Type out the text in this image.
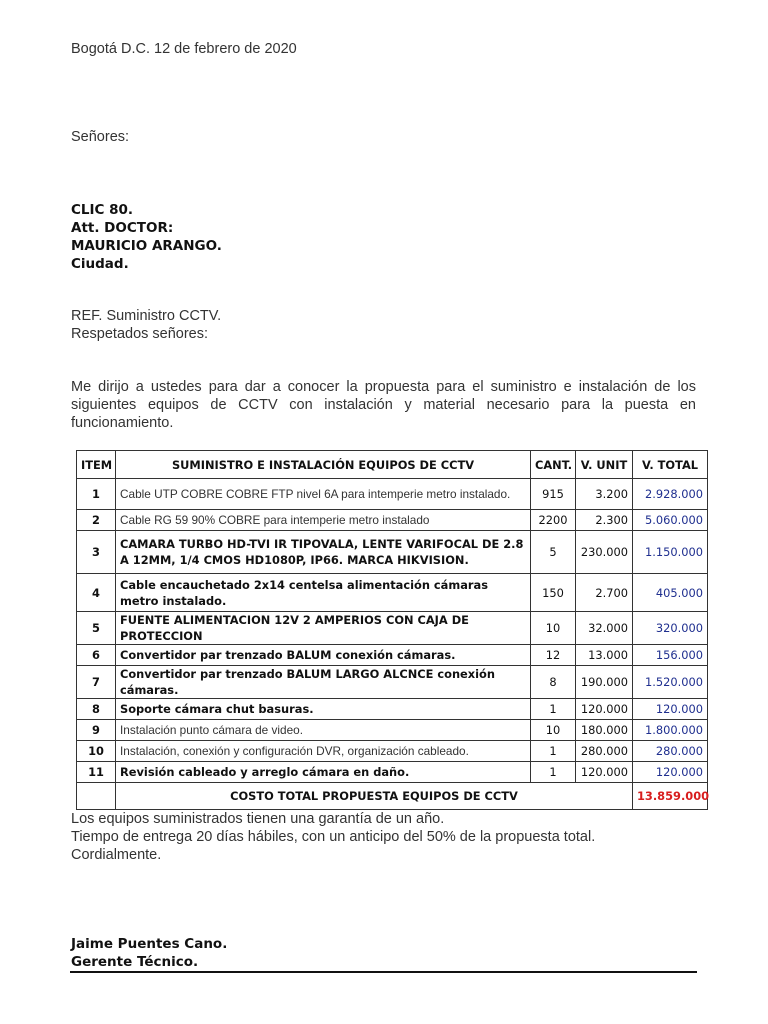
Bogotá D.C. 12 de febrero de 2020
Señores:
CLIC 80.
Att. DOCTOR:
MAURICIO ARANGO.
Ciudad.
REF. Suministro CCTV.
Respetados señores:
Me dirijo a ustedes para dar a conocer la propuesta para el suministro e instalación de los siguientes equipos de CCTV con instalación y material necesario para la puesta en funcionamiento.
ITEM	SUMINISTRO E INSTALACIÓN EQUIPOS DE CCTV	CANT.	V. UNIT	V. TOTAL
1	Cable UTP COBRE COBRE FTP nivel 6A para intemperie metro instalado.	915	3.200	2.928.000
2	Cable RG 59 90% COBRE para intemperie metro instalado	2200	2.300	5.060.000
3	CAMARA TURBO HD-TVI IR TIPOVALA, LENTE VARIFOCAL DE 2.8 A 12MM, 1/4 CMOS HD1080P, IP66. MARCA HIKVISION.	5	230.000	1.150.000
4	Cable encauchetado 2x14 centelsa alimentación cámaras metro instalado.	150	2.700	405.000
5	FUENTE ALIMENTACION 12V 2 AMPERIOS CON CAJA DE PROTECCION	10	32.000	320.000
6	Convertidor par trenzado BALUM conexión cámaras.	12	13.000	156.000
7	Convertidor par trenzado BALUM LARGO ALCNCE conexión cámaras.	8	190.000	1.520.000
8	Soporte cámara chut basuras.	1	120.000	120.000
9	Instalación punto cámara de video.	10	180.000	1.800.000
10	Instalación, conexión y configuración DVR, organización cableado.	1	280.000	280.000
11	Revisión cableado y arreglo cámara en daño.	1	120.000	120.000
	COSTO TOTAL PROPUESTA EQUIPOS DE CCTV			13.859.000
Los equipos suministrados tienen una garantía de un año.
Tiempo de entrega 20 días hábiles, con un anticipo del 50% de la propuesta total.
Cordialmente.
Jaime Puentes Cano.
Gerente Técnico.
